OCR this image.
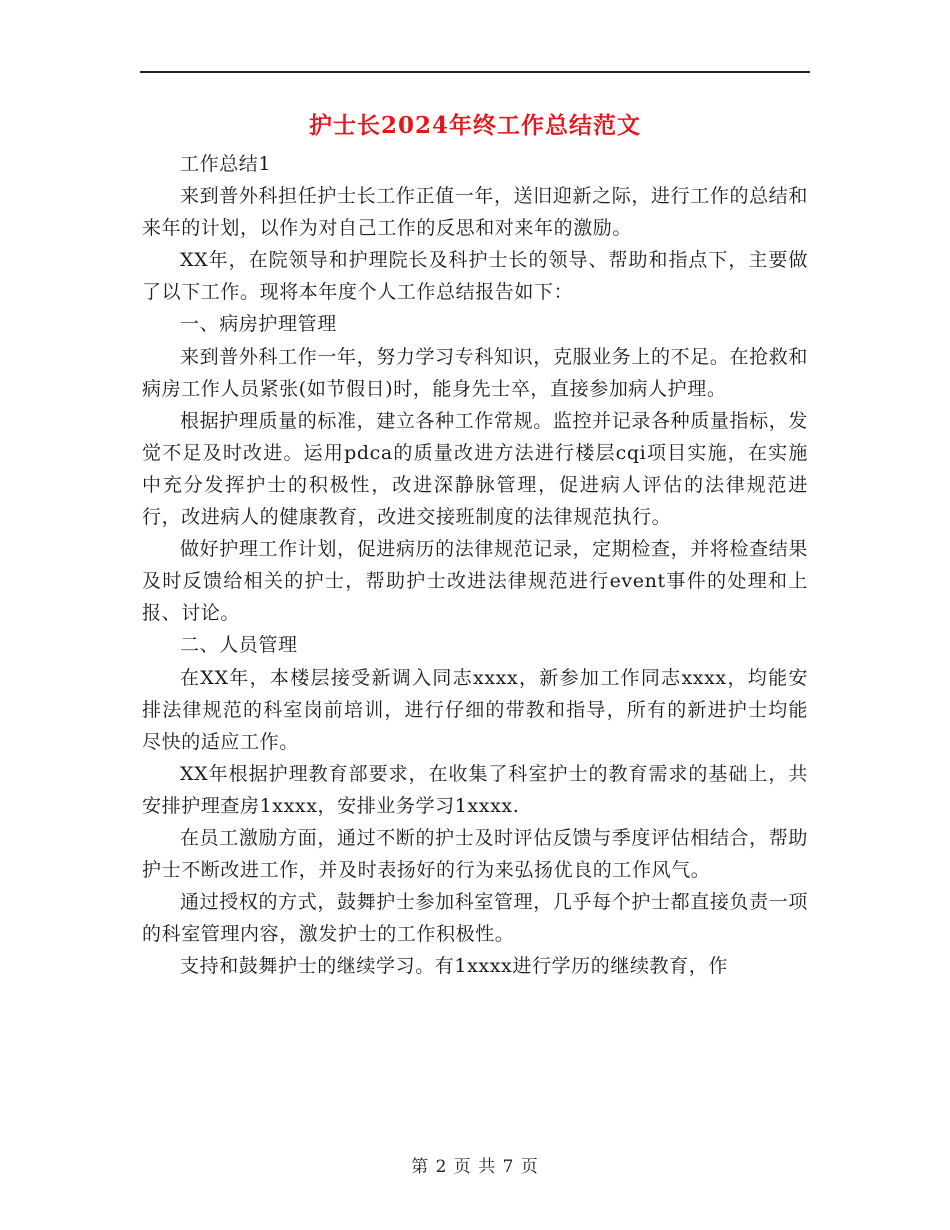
护士长2024年终工作总结范文

工作总结1

来到普外科担任护士长工作正值一年，送旧迎新之际，进行工作的总结和来年的计划，以作为对自己工作的反思和对来年的激励。

XX年，在院领导和护理院长及科护士长的领导、帮助和指点下，主要做了以下工作。现将本年度个人工作总结报告如下：

一、病房护理管理

来到普外科工作一年，努力学习专科知识，克服业务上的不足。在抢救和病房工作人员紧张(如节假日)时，能身先士卒，直接参加病人护理。

根据护理质量的标准，建立各种工作常规。监控并记录各种质量指标，发觉不足及时改进。运用pdca的质量改进方法进行楼层cqi项目实施，在实施中充分发挥护士的积极性，改进深静脉管理，促进病人评估的法律规范进行，改进病人的健康教育，改进交接班制度的法律规范执行。

做好护理工作计划，促进病历的法律规范记录，定期检查，并将检查结果及时反馈给相关的护士，帮助护士改进法律规范进行event事件的处理和上报、讨论。

二、人员管理

在XX年，本楼层接受新调入同志xxxx，新参加工作同志xxxx，均能安排法律规范的科室岗前培训，进行仔细的带教和指导，所有的新进护士均能尽快的适应工作。

XX年根据护理教育部要求，在收集了科室护士的教育需求的基础上，共安排护理查房1xxxx，安排业务学习1xxxx.

在员工激励方面，通过不断的护士及时评估反馈与季度评估相结合，帮助护士不断改进工作，并及时表扬好的行为来弘扬优良的工作风气。

通过授权的方式，鼓舞护士参加科室管理，几乎每个护士都直接负责一项的科室管理内容，激发护士的工作积极性。

支持和鼓舞护士的继续学习。有1xxxx进行学历的继续教育，作

第 2 页 共 7 页
